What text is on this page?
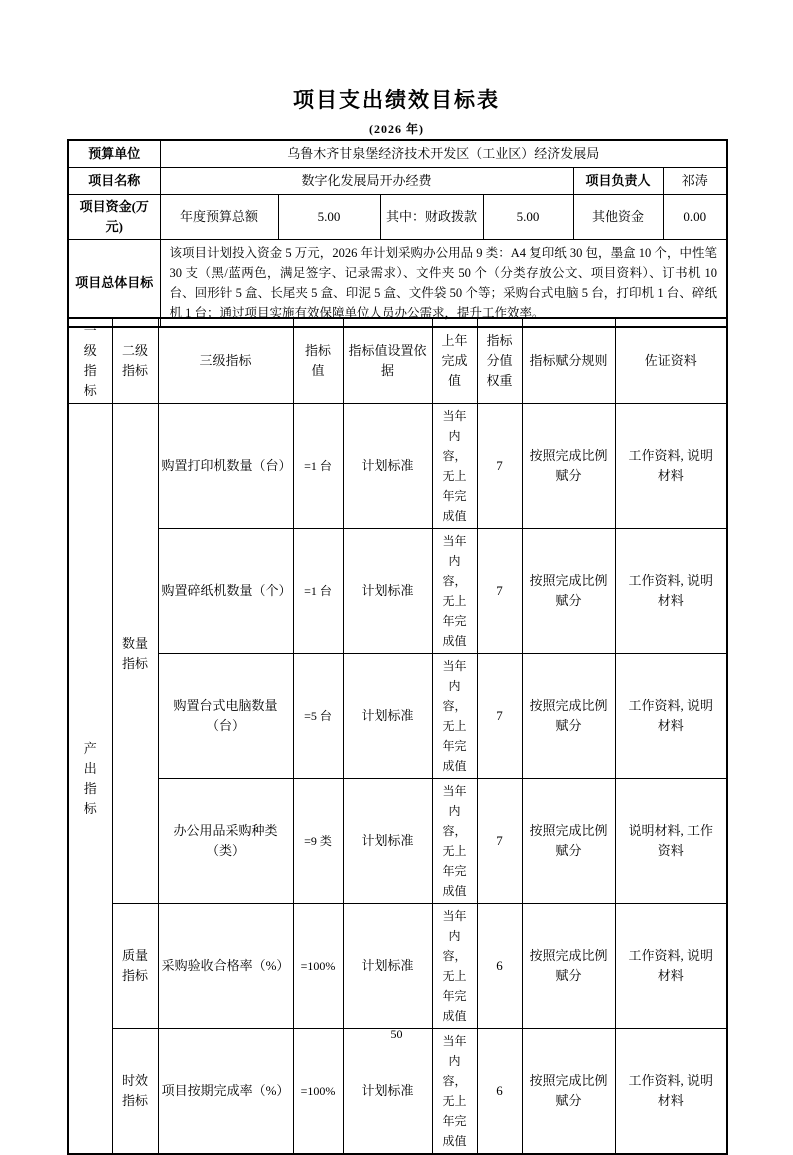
项目支出绩效目标表
(2026 年)
预算单位	乌鲁木齐甘泉堡经济技术开发区（工业区）经济发展局					
项目名称	数字化发展局开办经费				项目负责人	祁涛
项目资金(万元)	年度预算总额	5.00	其中：财政拨款	5.00	其他资金	0.00
项目总体目标	该项目计划投入资金 5 万元，2026 年计划采购办公用品 9 类：A4 复印纸 30 包，墨盒 10 个，中性笔 30 支（黑/蓝两色，满足签字、记录需求）、文件夹 50 个（分类存放公文、项目资料）、订书机 10 台、回形针 5 盒、长尾夹 5 盒、印泥 5 盒、文件袋 50 个等；采购台式电脑 5 台，打印机 1 台、碎纸机 1 台；通过项目实施有效保障单位人员办公需求，提升工作效率。					
一级指标	二级指标	三级指标	指标值	指标值设置依据	上年完成值	指标分值权重	指标赋分规则	佐证资料
产出指标	数量指标	购置打印机数量（台）	=1 台	计划标准	当年内容，无上年完成值	7	按照完成比例赋分	工作资料, 说明材料
		购置碎纸机数量（个）	=1 台	计划标准	当年内容，无上年完成值	7	按照完成比例赋分	工作资料, 说明材料
		购置台式电脑数量（台）	=5 台	计划标准	当年内容，无上年完成值	7	按照完成比例赋分	工作资料, 说明材料
		办公用品采购种类（类）	=9 类	计划标准	当年内容，无上年完成值	7	按照完成比例赋分	说明材料, 工作资料
	质量指标	采购验收合格率（%）	=100%	计划标准	当年内容，无上年完成值	6	按照完成比例赋分	工作资料, 说明材料
	时效指标	项目按期完成率（%）	=100%	计划标准	当年内容，无上年完成值	6	按照完成比例赋分	工作资料, 说明材料
50
